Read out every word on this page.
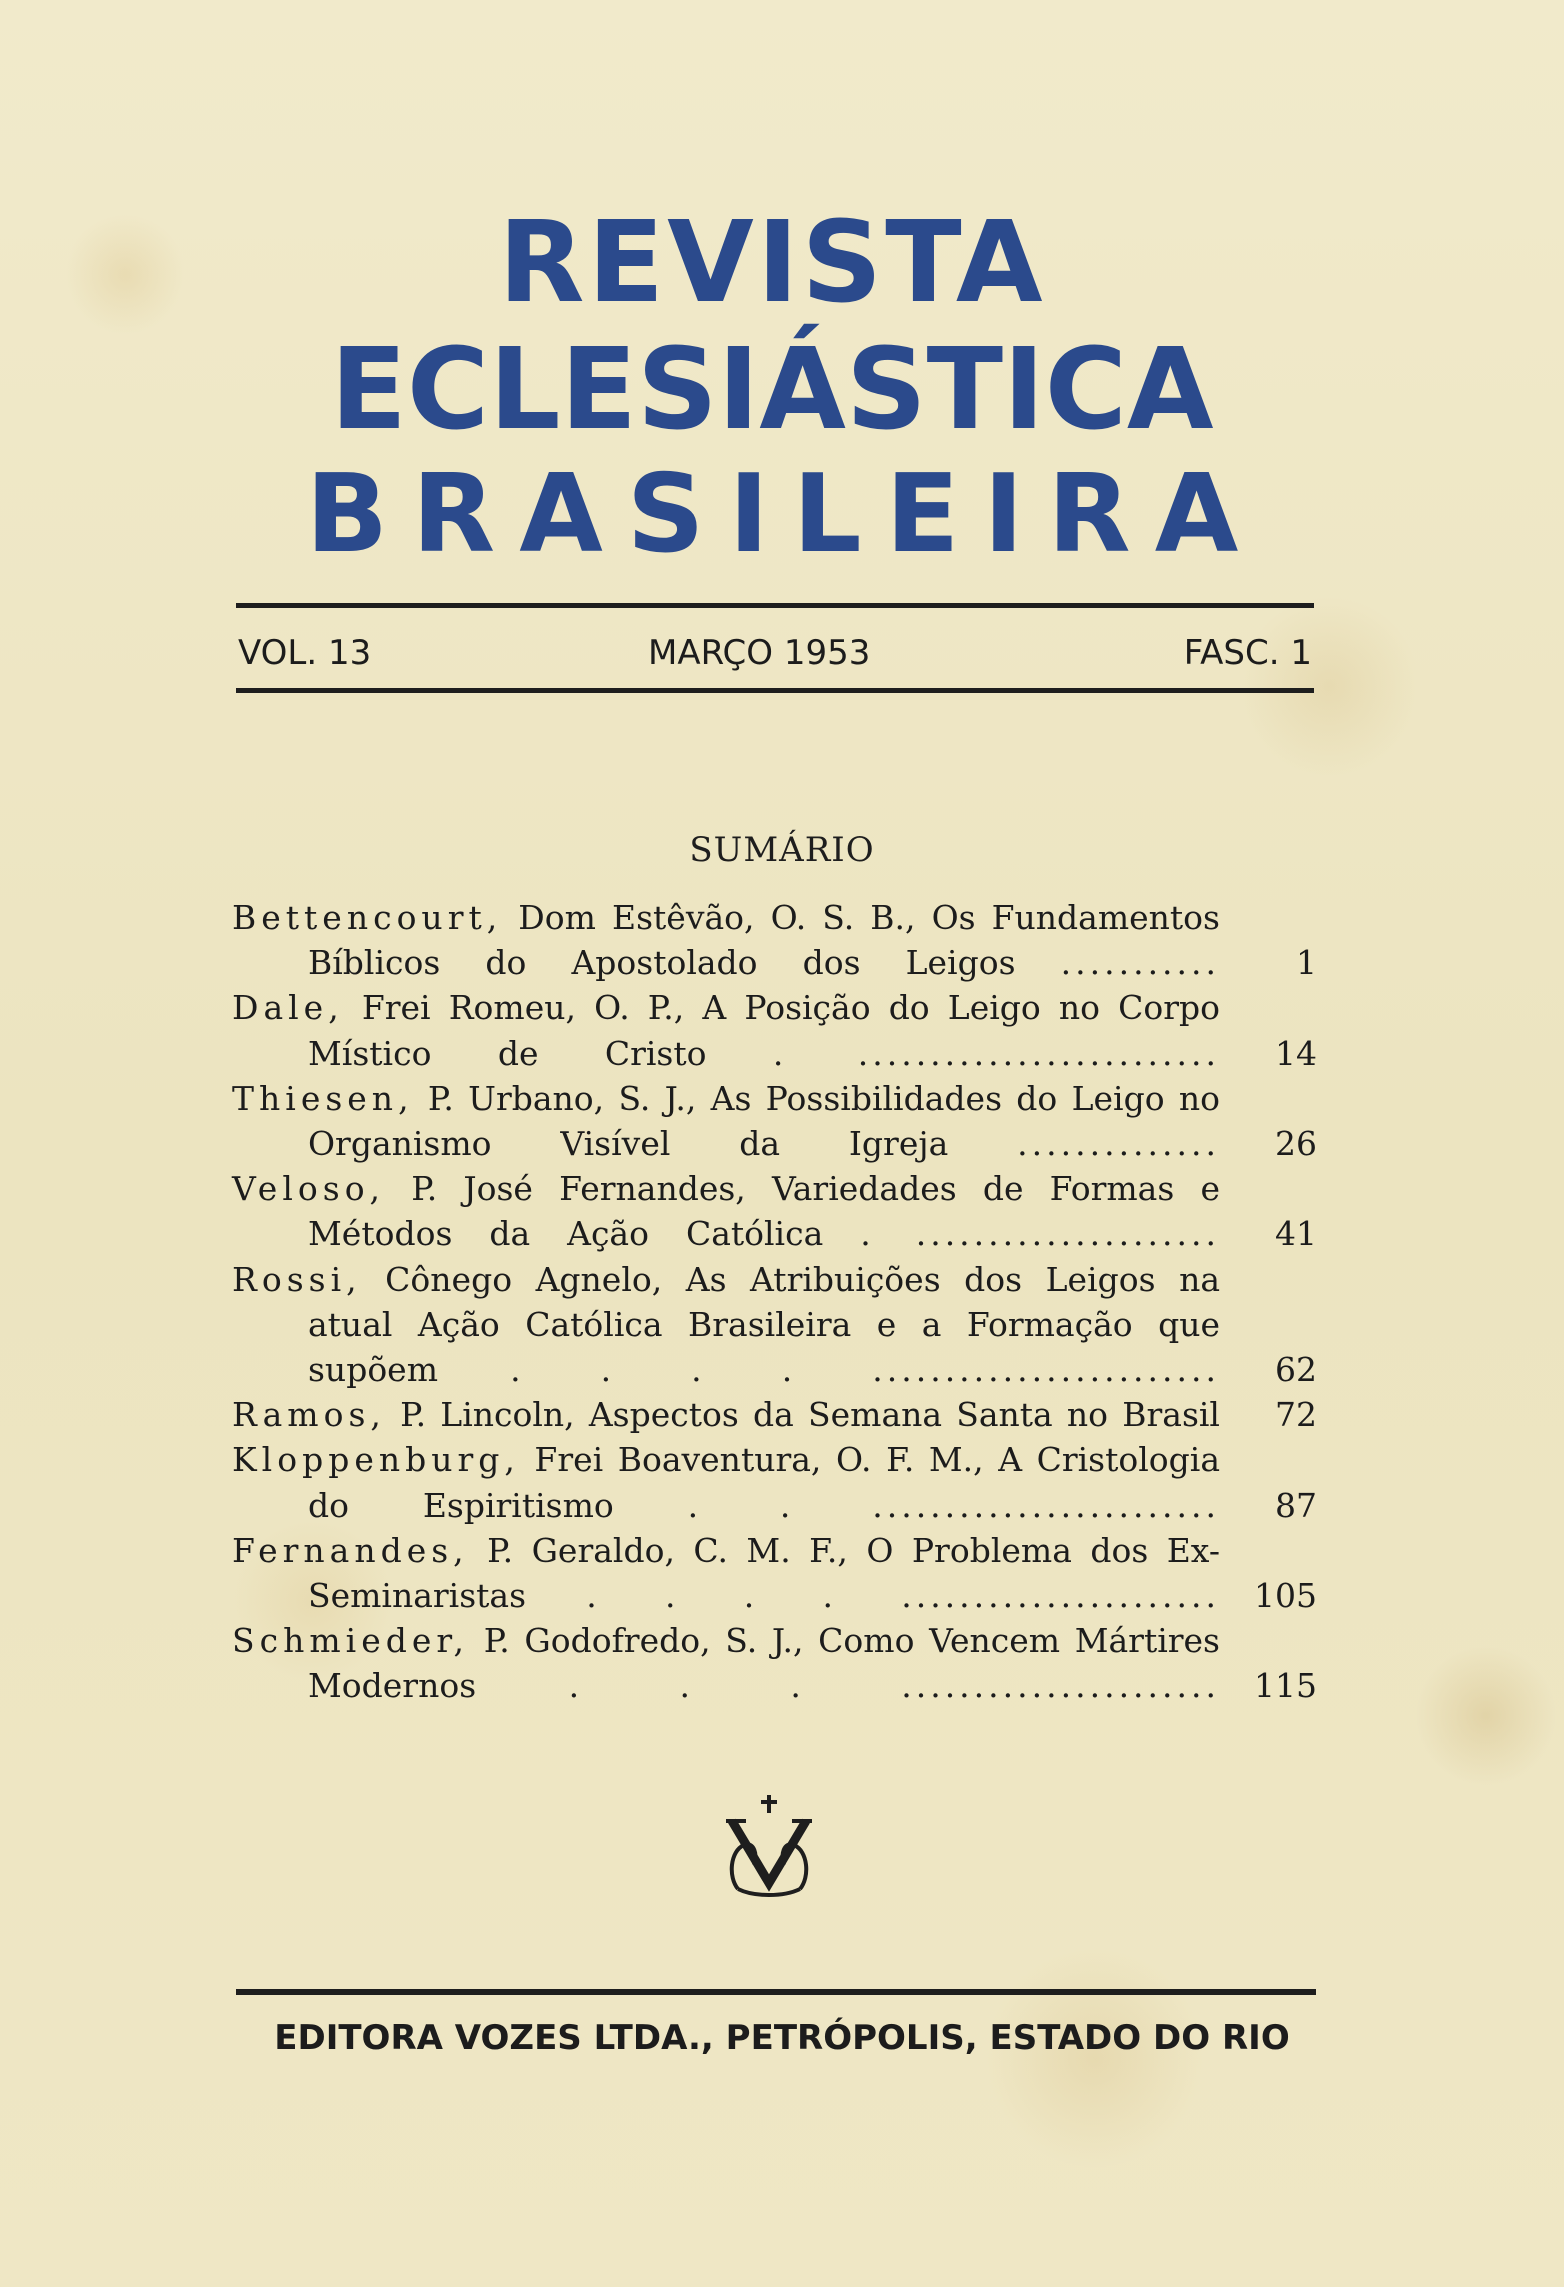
REVISTA
ECLESIÁSTICA
BRASILEIRA
VOL. 13	MARÇO 1953	FASC. 1
SUMÁRIO
Bettencourt, Dom Estêvão, O. S. B., Os Fundamentos Bíblicos do Apostolado dos Leigos ........... 1
Dale, Frei Romeu, O. P., A Posição do Leigo no Corpo Místico de Cristo . ......................... 14
Thiesen, P. Urbano, S. J., As Possibilidades do Leigo no Organismo Visível da Igreja .............. 26
Veloso, P. José Fernandes, Variedades de Formas e Métodos da Ação Católica . ..................... 41
Rossi, Cônego Agnelo, As Atribuições dos Leigos na atual Ação Católica Brasileira e a Formação que supõem . . . . ........................ 62
Ramos, P. Lincoln, Aspectos da Semana Santa no Brasil 72
Kloppenburg, Frei Boaventura, O. F. M., A Cristologia do Espiritismo . . ........................ 87
Fernandes, P. Geraldo, C. M. F., O Problema dos Ex-Seminaristas . . . . ...................... 105
Schmieder, P. Godofredo, S. J., Como Vencem Mártires Modernos	. . . ...................... 115
EDITORA VOZES LTDA., PETRÓPOLIS, ESTADO DO RIO
